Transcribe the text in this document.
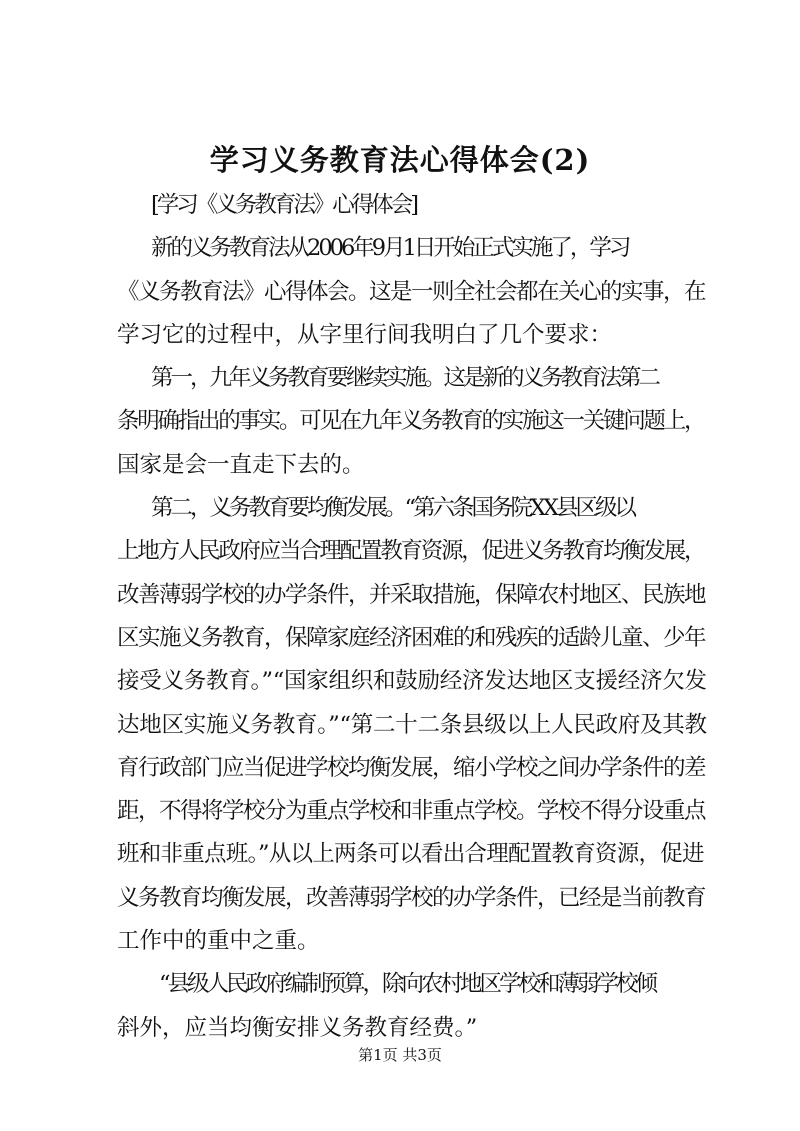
学习义务教育法心得体会(2)

[学习《义务教育法》心得体会]

新的义务教育法从2006年9月1日开始正式实施了，学习
《义务教育法》心得体会。这是一则全社会都在关心的实事，在
学习它的过程中，从字里行间我明白了几个要求：

第一，九年义务教育要继续实施。这是新的义务教育法第二
条明确指出的事实。可见在九年义务教育的实施这一关键问题上，
国家是会一直走下去的。

第二，义务教育要均衡发展。“第六条国务院XX县区级以
上地方人民政府应当合理配置教育资源，促进义务教育均衡发展，
改善薄弱学校的办学条件，并采取措施，保障农村地区、民族地
区实施义务教育，保障家庭经济困难的和残疾的适龄儿童、少年
接受义务教育。”“国家组织和鼓励经济发达地区支援经济欠发
达地区实施义务教育。”“第二十二条县级以上人民政府及其教
育行政部门应当促进学校均衡发展，缩小学校之间办学条件的差
距，不得将学校分为重点学校和非重点学校。学校不得分设重点
班和非重点班。”从以上两条可以看出合理配置教育资源，促进
义务教育均衡发展，改善薄弱学校的办学条件，已经是当前教育
工作中的重中之重。

“县级人民政府编制预算，除向农村地区学校和薄弱学校倾
斜外，应当均衡安排义务教育经费。”

第1页 共3页
